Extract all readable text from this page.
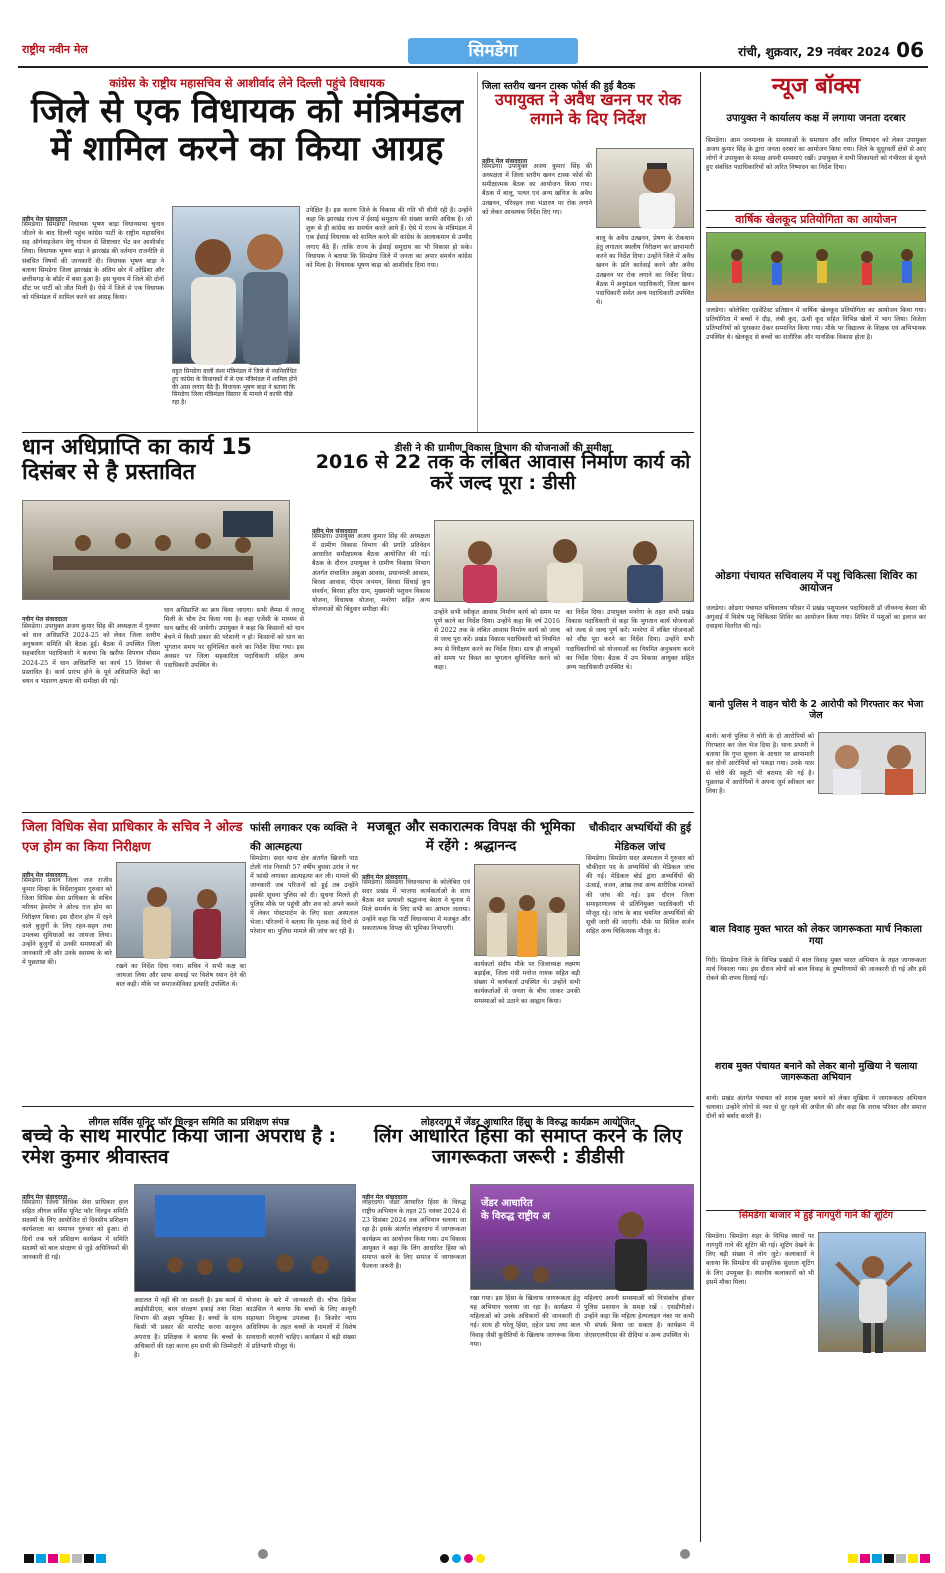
राष्ट्रीय नवीन मेल	सिमडेगा	रांची, शुक्रवार, 29 नवंबर 2024 06
कांग्रेस के राष्ट्रीय महासचिव से आशीर्वाद लेने दिल्ली पहुंचे विधायक
जिले से एक विधायक को मंत्रिमंडल में शामिल करने का किया आग्रह
नवीन मेल संवाददाता
सिमडेगा। सिमडेगा विधायक भूषण बाड़ा विधानसभा चुनाव जीतने के बाद दिल्ली पहुंच कांग्रेस पार्टी के राष्ट्रीय महासचिव सह ऑर्गनाइजेशन वेणु गोपाल से शिष्टाचार भेंट कर आशीर्वाद लिया। विधायक भूषण बाड़ा ने झारखंड की वर्तमान राजनीति से संबंधित विषयों की जानकारी दी। विधायक भूषण बाड़ा ने बताया सिमडेगा जिला झारखंड के अंतिम छोर में ओडिशा और छत्तीसगढ़ के बॉर्डर में बसा हुआ है। इस चुनाव में जिले की दोनों सीट पर पार्टी को जीत मिली है। ऐसे में जिले से एक विधायक को मंत्रिमंडल में शामिल करने का आग्रह किया।
वहुत सिमडेगा वाली वंश्य मंत्रिमंडल में जिले से नवनिर्वाचित हुए कांग्रेस के विधायकों में से एक मंत्रिमंडल में शामिल होने की आस लगाए बैठे हैं। विधायक भूषण बाड़ा ने बताया कि सिमडेगा जिला मंत्रिमंडल विस्तार के मामले में काफी पीछे रहा है।
उपेक्षित है। इस कारण जिले के विकास की गति भी धीमी रही है। उन्होंने कहा कि झारखंड राज्य में ईसाई समुदाय की संख्या काफी अधिक है। जो शुरू से ही कांग्रेस का समर्थन करते आये हैं। ऐसे में राज्य के मंत्रिमंडल में एक ईसाई विधायक को शामिल करने की कांग्रेस के आलाकमान से उम्मीद लगाए बैठे हैं। ताकि राज्य के ईसाई समुदाय का भी विकास हो सके। विधायक ने बताया कि सिमडेगा जिले में जनता का अपार समर्थन कांग्रेस को मिला है। विधायक भूषण बाड़ा को आशीर्वाद दिया गया।
जिला स्तरीय खनन टास्क फोर्स की हुई बैठक
उपायुक्त ने अवैध खनन पर रोक लगाने के दिए निर्देश
नवीन मेल संवाददाता
सिमडेगा। उपायुक्त अजय कुमार सिंह की अध्यक्षता में जिला स्तरीय खनन टास्क फोर्स की समीक्षात्मक बैठक का आयोजन किया गया। बैठक में बालू, पत्थर एवं अन्य खनिज के अवैध उत्खनन, परिवहन तथा भंडारण पर रोक लगाने को लेकर आवश्यक निर्देश दिए गए।
बालू के अवैध उत्खनन, प्रेषण के रोकथाम हेतु लगातार स्थलीय निरीक्षण कर छापामारी करने का निर्देश दिया। उन्होंने जिले में अवैध खनन के प्रति कार्रवाई करने और अवैध उत्खनन पर रोक लगाने का निर्देश दिया। बैठक में अनुमंडल पदाधिकारी, जिला खनन पदाधिकारी समेत अन्य पदाधिकारी उपस्थित थे।
धान अधिप्राप्ति का कार्य 15 दिसंबर से है प्रस्तावित
नवीन मेल संवाददाता
सिमडेगा। उपायुक्त अजय कुमार सिंह की अध्यक्षता में गुरुवार को धान अधिप्राप्ति 2024-25 को लेकर जिला स्तरीय अनुश्रवण समिति की बैठक हुई। बैठक में उपस्थित जिला सहकारिता पदाधिकारी ने बताया कि खरीफ विपणन मौसम 2024-25 में धान अधिप्राप्ति का कार्य 15 दिसंबर से प्रस्तावित है। कार्य प्रारंभ होने के पूर्व अधिप्राप्ति केंद्रों का चयन व भंडारण क्षमता की समीक्षा की गई।
धान अधिप्राप्ति का क्रय किया जाएगा। सभी लैम्प्स में तराजू मिली के चौथ टेम किया गया है। कहा एजेंसी के माध्यम से धान खरीद की जायेगी। उपायुक्त ने कहा कि किसानों को धान बेचने में किसी प्रकार की परेशानी न हो। किसानों को धान का भुगतान समय पर सुनिश्चित करने का निर्देश दिया गया। इस अवसर पर जिला सहकारिता पदाधिकारी सहित अन्य पदाधिकारी उपस्थित थे।
डीसी ने की ग्रामीण विकास विभाग की योजनाओं की समीक्षा
2016 से 22 तक के लंबित आवास निर्माण कार्य को करें जल्द पूरा : डीसी
नवीन मेल संवाददाता
सिमडेगा। उपायुक्त अजय कुमार सिंह की अध्यक्षता में ग्रामीण विकास विभाग की प्रगति प्रतिवेदन आधारित समीक्षात्मक बैठक आयोजित की गई। बैठक के दौरान उपायुक्त ने ग्रामीण विकास विभाग अंतर्गत संचालित अबुआ आवास, प्रधानमंत्री आवास, बिरसा आवास, पीएम जनमन, बिरसा सिंचाई कूप संवर्धन, बिरसा हरित ग्राम, मुख्यमंत्री पशुधन विकास योजना, विधायक योजना, मनरेगा सहित अन्य योजनाओं की बिंदुवार समीक्षा की।	उन्होंने सभी स्वीकृत आवास निर्माण कार्य को समय पर पूर्ण करने का निर्देश दिया। उन्होंने कहा कि वर्ष 2016 से 2022 तक के लंबित आवास निर्माण कार्य को जल्द से जल्द पूरा करें। प्रखंड विकास पदाधिकारी को नियमित रूप से निरीक्षण करने का निर्देश दिया। साथ ही लाभुकों को समय पर किस्त का भुगतान सुनिश्चित करने को कहा।
का निर्देश दिया। उपायुक्त मनरेगा के तहत सभी प्रखंड विकास पदाधिकारी से कहा कि भुगतान कार्य योजनाओं को जल्द से जल्द पूर्ण करें। मनरेगा में लंबित योजनाओं को शीघ्र पूरा करने का निर्देश दिया। उन्होंने सभी पदाधिकारियों को योजनाओं का नियमित अनुश्रवण करने का निर्देश दिया। बैठक में उप विकास आयुक्त सहित अन्य पदाधिकारी उपस्थित थे।
जिला विधिक सेवा प्राधिकार के सचिव ने ओल्ड एज होम का किया निरीक्षण
नवीन मेल संवाददाता
सिमडेगा। प्रधान जिला जज राजीव कुमार सिन्हा के निर्देशानुसार गुरुवार को जिला विधिक सेवा प्राधिकार के सचिव मरियम हेमरोम ने ओल्ड एज होम का निरीक्षण किया। इस दौरान होम में रहने वाले बुजुर्गों के लिए रहन-सहन तथा उपलब्ध सुविधाओं का जायजा लिया। उन्होंने बुजुर्गों से उनकी समस्याओं की जानकारी ली और उनके स्वास्थ्य के बारे में पूछताछ की।
रखने का निर्देश दिया गया। सचिव ने सभी कक्ष का जायजा लिया और साफ सफाई पर विशेष ध्यान देने की बात कही। मौके पर समाजसेविका इत्यादि उपस्थित थे।
फांसी लगाकर एक व्यक्ति ने की आत्महत्या
सिमडेगा। सदर थाना क्षेत्र अंतर्गत खिजरी पाठ टोली गांव निवासी 57 वर्षीय बुधवा उरांव ने घर में फांसी लगाकर आत्महत्या कर ली। मामले की जानकारी जब परिजनों को हुई तब उन्होंने इसकी सूचना पुलिस को दी। सूचना मिलते ही पुलिस मौके पर पहुंची और शव को अपने कब्जे में लेकर पोस्टमार्टम के लिए सदर अस्पताल भेजा। परिजनों ने बताया कि मृतक कई दिनों से परेशान था। पुलिस मामले की जांच कर रही है।
मजबूत और सकारात्मक विपक्ष की भूमिका में रहेंगे : श्रद्धानन्द
नवीन मेल संवाददाता
सिमडेगा। सिमडेगा विधानसभा के कोलेबिरा एवं सदर प्रखंड में भाजपा कार्यकर्ताओं के साथ बैठक कर प्रत्याशी श्रद्धानन्द बेसरा ने चुनाव में मिले समर्थन के लिए सभी का आभार जताया। उन्होंने कहा कि पार्टी विधानसभा में मजबूत और सकारात्मक विपक्ष की भूमिका निभाएगी।
कार्यकर्ता संदीप मौके पर जिलाध्यक्ष लक्ष्मण बड़ाईक, जिला मंत्री मनोज नायक सहित बड़ी संख्या में कार्यकर्ता उपस्थित थे। उन्होंने सभी कार्यकर्ताओं से जनता के बीच जाकर उनकी समस्याओं को उठाने का आह्वान किया।
चौकीदार अभ्यर्थियों की हुई मेडिकल जांच
सिमडेगा। सिमडेगा सदर अस्पताल में गुरुवार को चौकीदार पद के अभ्यर्थियों की मेडिकल जांच की गई। मेडिकल बोर्ड द्वारा अभ्यर्थियों की ऊंचाई, वजन, आंख तथा अन्य शारीरिक मानकों की जांच की गई। इस दौरान जिला समाहरणालय से प्रतिनियुक्त पदाधिकारी भी मौजूद रहे। जांच के बाद चयनित अभ्यर्थियों की सूची जारी की जाएगी। मौके पर सिविल सर्जन सहित अन्य चिकित्सक मौजूद थे।
लीगल सर्विस यूनिट फॉर चिल्ड्रन समिति का प्रशिक्षण संपन्न
बच्चे के साथ मारपीट किया जाना अपराध है : रमेश कुमार श्रीवास्तव
नवीन मेल संवाददाता
सिमडेगा। जिला विधिक सेवा प्राधिकार हाल सहित लीगल सर्विस यूनिट फॉर चिल्ड्रन समिति सदस्यों के लिए आयोजित दो दिवसीय प्रशिक्षण कार्यशाला का समापन गुरुवार को हुआ। दो दिनों तक चले प्रशिक्षण कार्यक्रम में समिति सदस्यों को बाल संरक्षण से जुड़े अधिनियमों की जानकारी दी गई।
अदालत में नहीं की जा सकती है। इस कार्य में आईसीडीएस, बाल संरक्षण इकाई तथा शिक्षा विभाग की अहम भूमिका है। बच्चों के साथ किसी भी प्रकार की मारपीट करना कानूनन अपराध है। प्रशिक्षक ने बताया कि बच्चों के अधिकारों की रक्षा करना हम सभी की जिम्मेदारी है।
योजना के बारे में जानकारी दी। चीफ डिफेंस काउंसिल ने बताया कि बच्चों के लिए कानूनी सहायता निःशुल्क उपलब्ध है। किशोर न्याय अधिनियम के तहत बच्चों के मामलों में विशेष सावधानी बरतनी चाहिए। कार्यक्रम में बड़ी संख्या में प्रतिभागी मौजूद थे।
लोहरदगा में जेंडर आधारित हिंसा के विरुद्ध कार्यक्रम आयोजित
लिंग आधारित हिंसा को समाप्त करने के लिए जागरूकता जरूरी : डीडीसी
नवीन मेल संवाददाता
लोहरदगा। जेंडर आधारित हिंसा के विरुद्ध राष्ट्रीय अभियान के तहत 25 नवंबर 2024 से 23 दिसंबर 2024 तक अभियान चलाया जा रहा है। इसके अंतर्गत लोहरदगा में जागरूकता कार्यक्रम का आयोजन किया गया। उप विकास आयुक्त ने कहा कि लिंग आधारित हिंसा को समाप्त करने के लिए समाज में जागरूकता फैलाना जरूरी है।
जेंडर आधारित
के विरुद्ध राष्ट्रीय अ
रखा गया। इस हिंसा के खिलाफ जागरूकता हेतु यह अभियान चलाया जा रहा है। कार्यक्रम में महिलाओं को उनके अधिकारों की जानकारी दी गई। साथ ही घरेलू हिंसा, दहेज प्रथा तथा बाल विवाह जैसी कुरीतियों के खिलाफ जागरूक किया गया।
महिलाएं अपनी समस्याओं को निःसंकोच होकर पुलिस प्रशासन के समक्ष रखें : एसडीपीओ। उन्होंने कहा कि महिला हेल्पलाइन नंबर पर कभी भी संपर्क किया जा सकता है। कार्यक्रम में जेएसएलपीएस की दीदियां व अन्य उपस्थित थे।
न्यूज बॉक्स
उपायुक्त ने कार्यालय कक्ष में लगाया जनता दरबार
सिमडेगा। आम जनमानस के समस्याओं के समाधान और त्वरित निष्पादन को लेकर उपायुक्त अजय कुमार सिंह के द्वारा जनता दरबार का आयोजन किया गया। जिले के सुदूरवर्ती क्षेत्रों से आए लोगों ने उपायुक्त के समक्ष अपनी समस्याएं रखीं। उपायुक्त ने सभी शिकायतों को गंभीरता से सुनते हुए संबंधित पदाधिकारियों को त्वरित निष्पादन का निर्देश दिया।
वार्षिक खेलकूद प्रतियोगिता का आयोजन
जलडेगा। कोलेबिरा एडवेंटिस्ट प्रतिष्ठान में वार्षिक खेलकूद प्रतियोगिता का आयोजन किया गया। प्रतियोगिता में बच्चों ने दौड़, लंबी कूद, ऊंची कूद सहित विभिन्न खेलों में भाग लिया। विजेता प्रतिभागियों को पुरस्कार देकर सम्मानित किया गया। मौके पर विद्यालय के शिक्षक एवं अभिभावक उपस्थित थे। खेलकूद से बच्चों का शारीरिक और मानसिक विकास होता है।
ओडगा पंचायत सचिवालय में पशु चिकित्सा शिविर का आयोजन
जलडेगा। ओडगा पंचायत सचिवालय परिसर में प्रखंड पशुपालन पदाधिकारी डॉ जीवनन्द बेसरा की अगुवाई में विशेष पशु चिकित्सा शिविर का आयोजन किया गया। शिविर में पशुओं का इलाज कर दवाइयां वितरित की गई।
बानो पुलिस ने वाहन चोरी के 2 आरोपी को गिरफ्तार कर भेजा जेल
बानो। बानो पुलिस ने चोरी के दो आरोपियों को गिरफ्तार कर जेल भेज दिया है। थाना प्रभारी ने बताया कि गुप्त सूचना के आधार पर छापामारी कर दोनों आरोपियों को पकड़ा गया। उनके पास से चोरी की स्कूटी भी बरामद की गई है। पूछताछ में आरोपियों ने अपना जुर्म स्वीकार कर लिया है।
बाल विवाह मुक्त भारत को लेकर जागरूकता मार्च निकाला गया
गिरी। सिमडेगा जिले के विभिन्न प्रखंडों में बाल विवाह मुक्त भारत अभियान के तहत जागरूकता मार्च निकाला गया। इस दौरान लोगों को बाल विवाह के दुष्परिणामों की जानकारी दी गई और इसे रोकने की शपथ दिलाई गई।
शराब मुक्त पंचायत बनाने को लेकर बानो मुखिया ने चलाया जागरूकता अभियान
बानो। प्रखंड अंतर्गत पंचायत को शराब मुक्त बनाने को लेकर मुखिया ने जागरूकता अभियान चलाया। उन्होंने लोगों से नशा से दूर रहने की अपील की और कहा कि शराब परिवार और समाज दोनों को बर्बाद करती है।
सिमडेगा बाजार में हुई नागपुरी गाने की शूटिंग
सिमडेगा। सिमडेगा शहर के विभिन्न स्थानों पर नागपुरी गाने की शूटिंग की गई। शूटिंग देखने के लिए बड़ी संख्या में लोग जुटे। कलाकारों ने बताया कि सिमडेगा की प्राकृतिक सुंदरता शूटिंग के लिए उपयुक्त है। स्थानीय कलाकारों को भी इसमें मौका मिला।
